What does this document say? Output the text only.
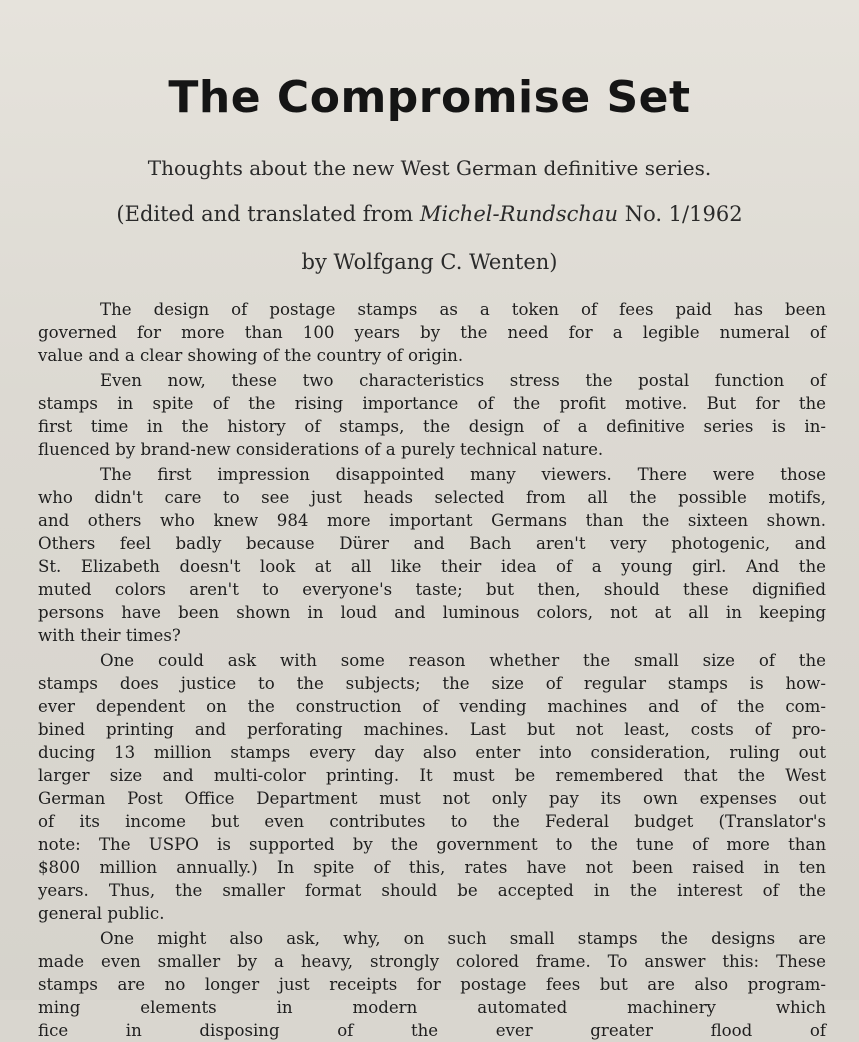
The Compromise Set
Thoughts about the new West German definitive series.
(Edited and translated from Michel-Rundschau No. 1/1962
by Wolfgang C. Wenten)
The design of postage stamps as a token of fees paid has been
governed for more than 100 years by the need for a legible numeral of
value and a clear showing of the country of origin.
Even now, these two characteristics stress the postal function of
stamps in spite of the rising importance of the profit motive. But for the
first time in the history of stamps, the design of a definitive series is in-
fluenced by brand-new considerations of a purely technical nature.
The first impression disappointed many viewers. There were those
who didn't care to see just heads selected from all the possible motifs,
and others who knew 984 more important Germans than the sixteen shown.
Others feel badly because Dürer and Bach aren't very photogenic, and
St. Elizabeth doesn't look at all like their idea of a young girl. And the
muted colors aren't to everyone's taste; but then, should these dignified
persons have been shown in loud and luminous colors, not at all in keeping
with their times?
One could ask with some reason whether the small size of the
stamps does justice to the subjects; the size of regular stamps is how-
ever dependent on the construction of vending machines and of the com-
bined printing and perforating machines. Last but not least, costs of pro-
ducing 13 million stamps every day also enter into consideration, ruling out
larger size and multi-color printing. It must be remembered that the West
German Post Office Department must not only pay its own expenses out
of its income but even contributes to the Federal budget (Translator's
note: The USPO is supported by the government to the tune of more than
$800 million annually.) In spite of this, rates have not been raised in ten
years. Thus, the smaller format should be accepted in the interest of the
general public.
One might also ask, why, on such small stamps the designs are
made even smaller by a heavy, strongly colored frame. To answer this: These
stamps are no longer just receipts for postage fees but are also program-
ming elements in modern automated machinery which
fice in disposing of the ever greater flood of
